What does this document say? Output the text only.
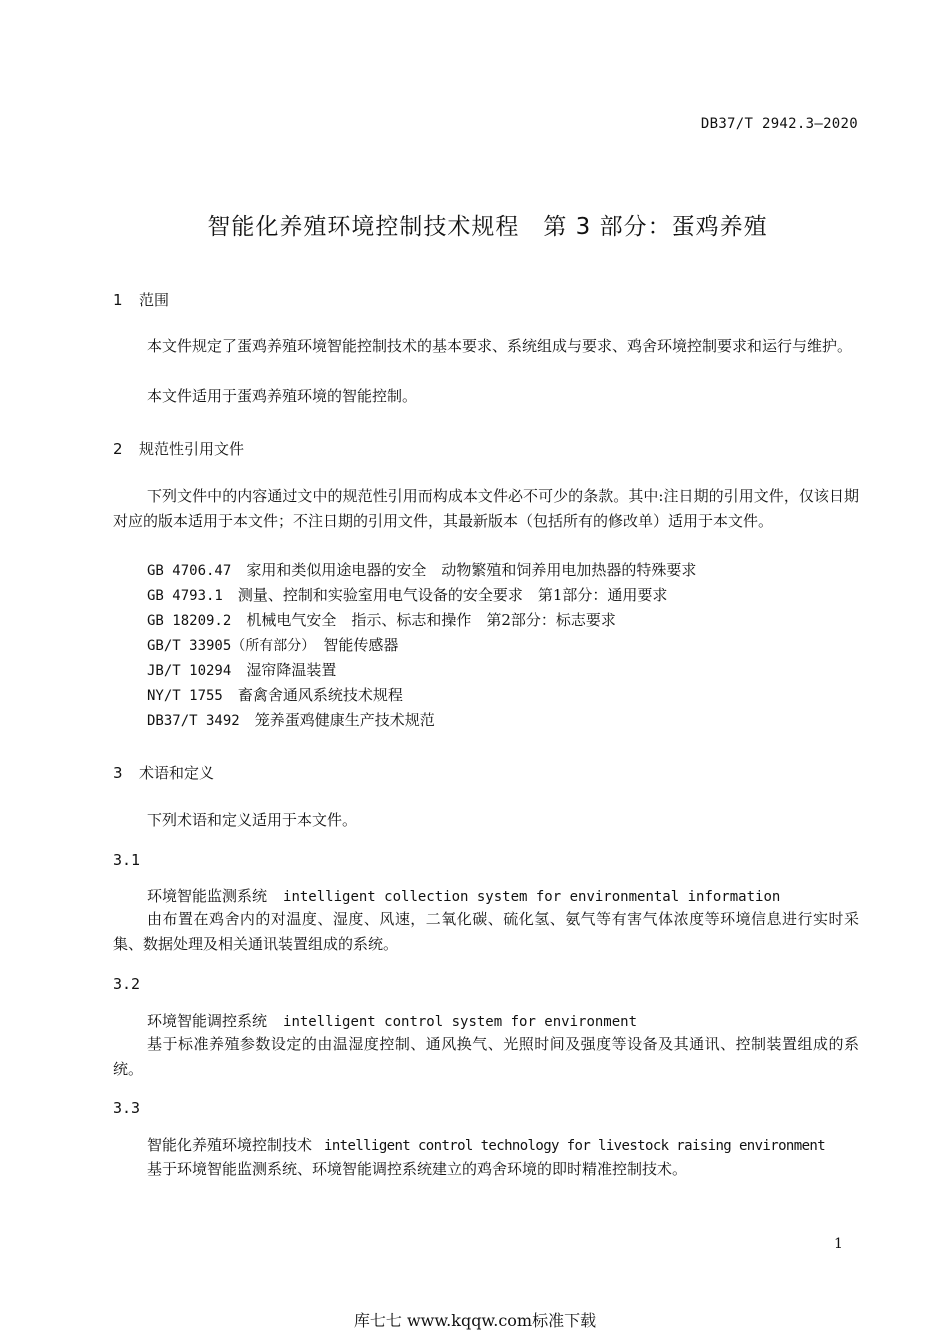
DB37/T 2942.3—2020
智能化养殖环境控制技术规程　第 3 部分：蛋鸡养殖
1 范围
本文件规定了蛋鸡养殖环境智能控制技术的基本要求、系统组成与要求、鸡舍环境控制要求和运行与维护。
本文件适用于蛋鸡养殖环境的智能控制。
2 规范性引用文件
下列文件中的内容通过文中的规范性引用而构成本文件必不可少的条款。其中:注日期的引用文件，仅该日期对应的版本适用于本文件；不注日期的引用文件，其最新版本（包括所有的修改单）适用于本文件。
GB 4706.47　 家用和类似用途电器的安全　动物繁殖和饲养用电加热器的特殊要求
GB 4793.1　 测量、控制和实验室用电气设备的安全要求　第1部分：通用要求
GB 18209.2　 机械电气安全　指示、标志和操作　第2部分：标志要求
GB/T 33905（所有部分）　 智能传感器
JB/T 10294　 湿帘降温装置
NY/T 1755　 畜禽舍通风系统技术规程
DB37/T 3492　 笼养蛋鸡健康生产技术规范
3 术语和定义
下列术语和定义适用于本文件。
3.1
环境智能监测系统 intelligent collection system for environmental information
由布置在鸡舍内的对温度、湿度、风速，二氧化碳、硫化氢、氨气等有害气体浓度等环境信息进行实时采集、数据处理及相关通讯装置组成的系统。
3.2
环境智能调控系统 intelligent control system for environment
基于标准养殖参数设定的由温湿度控制、通风换气、光照时间及强度等设备及其通讯、控制装置组成的系统。
3.3
智能化养殖环境控制技术 intelligent control technology for livestock raising environment
基于环境智能监测系统、环境智能调控系统建立的鸡舍环境的即时精准控制技术。
1
库七七 www.kqqw.com标准下载
